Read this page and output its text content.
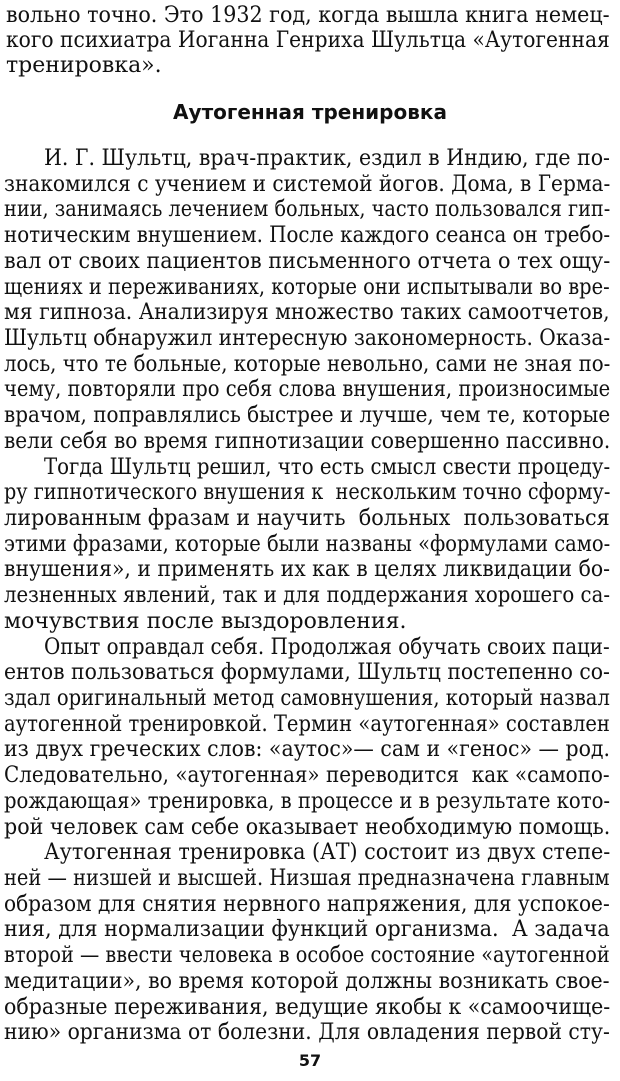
вольно точно. Это 1932 год, когда вышла книга немец-
кого психиатра Иоганна Генриха Шультца «Аутогенная
тренировка».
Аутогенная тренировка
И. Г. Шультц, врач-практик, ездил в Индию, где по-
знакомился с учением и системой йогов. Дома, в Герма-
нии, занимаясь лечением больных, часто пользовался гип-
нотическим внушением. После каждого сеанса он требо-
вал от своих пациентов письменного отчета о тех ощу-
щениях и переживаниях, которые они испытывали во вре-
мя гипноза. Анализируя множество таких самоотчетов,
Шультц обнаружил интересную закономерность. Оказа-
лось, что те больные, которые невольно, сами не зная по-
чему, повторяли про себя слова внушения, произносимые
врачом, поправлялись быстрее и лучше, чем те, которые
вели себя во время гипнотизации совершенно пассивно.
Тогда Шультц решил, что есть смысл свести процеду-
ру гипнотического внушения к  нескольким точно сформу-
лированным фразам и научить  больных  пользоваться
этими фразами, которые были названы «формулами само-
внушения», и применять их как в целях ликвидации бо-
лезненных явлений, так и для поддержания хорошего са-
мочувствия после выздоровления.
Опыт оправдал себя. Продолжая обучать своих паци-
ентов пользоваться формулами, Шультц постепенно со-
здал оригинальный метод самовнушения, который назвал
аутогенной тренировкой. Термин «аутогенная» составлен
из двух греческих слов: «аутос»— сам и «генос» — род.
Следовательно, «аутогенная» переводится  как «самопо-
рождающая» тренировка, в процессе и в результате кото-
рой человек сам себе оказывает необходимую помощь.
Аутогенная тренировка (АТ) состоит из двух степе-
ней — низшей и высшей. Низшая предназначена главным
образом для снятия нервного напряжения, для успокое-
ния, для нормализации функций организма.  А задача
второй — ввести человека в особое состояние «аутогенной
медитации», во время которой должны возникать свое-
образные переживания, ведущие якобы к «самоочище-
нию» организма от болезни. Для овладения первой сту-
57
